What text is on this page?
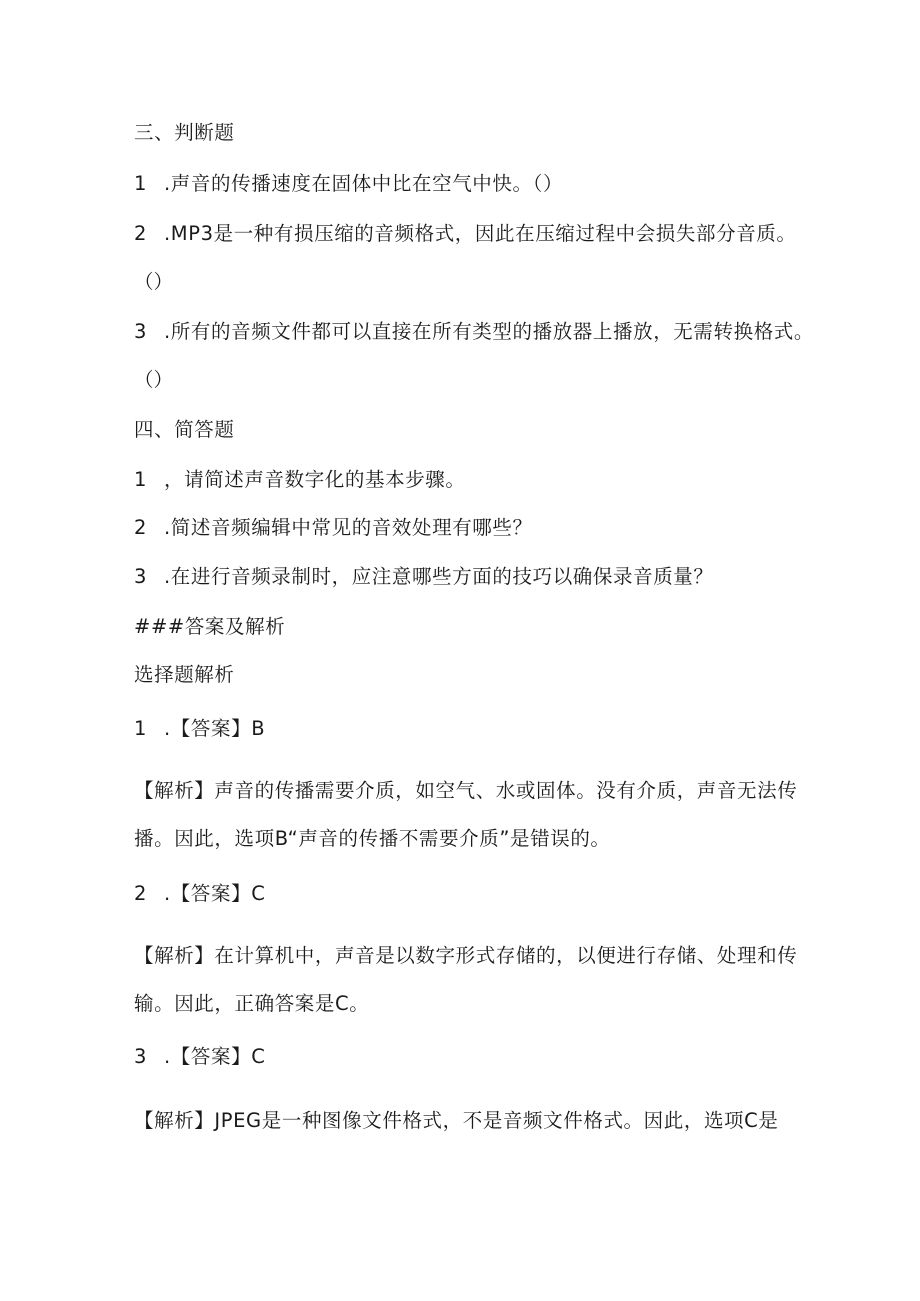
三、判断题
1 .声音的传播速度在固体中比在空气中快。（）
2 .MP3是一种有损压缩的音频格式，因此在压缩过程中会损失部分音质。
（）
3 .所有的音频文件都可以直接在所有类型的播放器上播放，无需转换格式。
（）
四、简答题
1 ，请简述声音数字化的基本步骤。
2 .简述音频编辑中常见的音效处理有哪些？
3 .在进行音频录制时，应注意哪些方面的技巧以确保录音质量？
###答案及解析
选择题解析
1 .【答案】B
【解析】声音的传播需要介质，如空气、水或固体。没有介质，声音无法传
播。因此，选项B“声音的传播不需要介质”是错误的。
2 .【答案】C
【解析】在计算机中，声音是以数字形式存储的，以便进行存储、处理和传
输。因此，正确答案是C。
3 .【答案】C
【解析】JPEG是一种图像文件格式，不是音频文件格式。因此，选项C是
